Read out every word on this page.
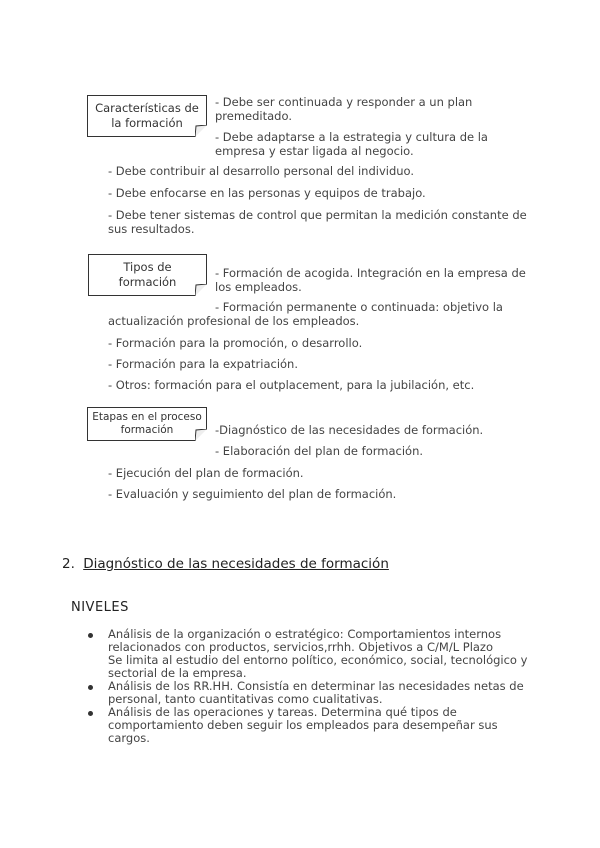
Características de
la formación
- Debe ser continuada y responder a un plan
premeditado.
- Debe adaptarse a la estrategia y cultura de la
empresa y estar ligada al negocio.
- Debe contribuir al desarrollo personal del individuo.
- Debe enfocarse en las personas y equipos de trabajo.
- Debe tener sistemas de control que permitan la medición constante de
sus resultados.
Tipos de
formación
- Formación de acogida. Integración en la empresa de
los empleados.
- Formación permanente o continuada: objetivo la
actualización profesional de los empleados.
- Formación para la promoción, o desarrollo.
- Formación para la expatriación.
- Otros: formación para el outplacement, para la jubilación, etc.
Etapas en el proceso
formación	-Diagnóstico de las necesidades de formación.
- Elaboración del plan de formación.
- Ejecución del plan de formación.
- Evaluación y seguimiento del plan de formación.
2. Diagnóstico de las necesidades de formación
NIVELES
Análisis de la organización o estratégico: Comportamientos internos
relacionados con productos, servicios,rrhh. Objetivos a C/M/L Plazo
Se limita al estudio del entorno político, económico, social, tecnológico y
sectorial de la empresa.
Análisis de los RR.HH. Consistía en determinar las necesidades netas de
personal, tanto cuantitativas como cualitativas.
Análisis de las operaciones y tareas. Determina qué tipos de
comportamiento deben seguir los empleados para desempeñar sus
cargos.
